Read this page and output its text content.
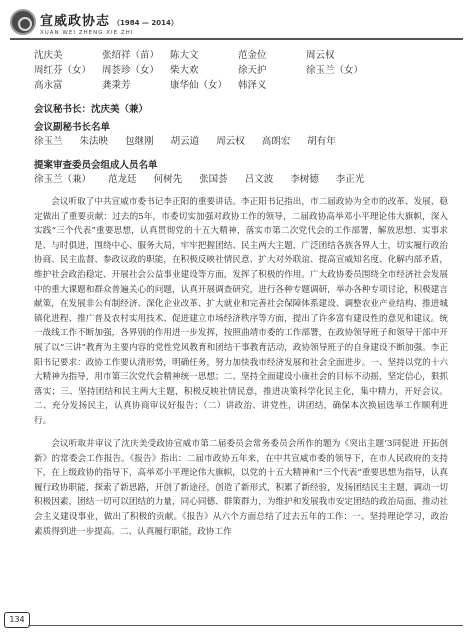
宣威政协志 （1984 — 2014）
XUAN WEI ZHENG XIE ZHI
沈庆美	张绍祥（苗）	陈大文	范金位	周云权
周红芬（女）	周荟珍（女）	柴大欢	徐天护	徐玉兰（女）
高永富	龚秉芳	康华仙（女）	韩泽义
会议秘书长：沈庆美（兼）
会议副秘书长名单
徐玉兰 朱法映 包继刚 胡云道 周云权 高朗宏 胡有年
提案审查委员会组成人员名单
徐玉兰（兼） 范龙廷 何树先 张国荟 吕文波 李树德 李正光

会议听取了中共宣威市委书记李正阳的重要讲话。李正阳书记指出，市二届政协为全市的改革、发展、稳定做出了重要贡献：过去的5年，市委切实加强对政协工作的领导，二届政协高举邓小平理论伟大旗帜，深入实践“三个代表”重要思想，认真贯彻党的十五大精神，落实市第二次党代会的工作部署，解放思想、实事求是、与时俱进，围绕中心、服务大局，牢牢把握团结、民主两大主题，广泛团结各族各界人士，切实履行政治协商、民主监督、参政议政的职能，在积极反映社情民意、扩大对外联谊、提高宣威知名度、化解内部矛盾，维护社会政治稳定、开展社会公益事业建设等方面，发挥了积极的作用。广大政协委员围绕全市经济社会发展中的重大课题和群众普遍关心的问题，认真开展调查研究，进行各种专题调研，举办各种专项讨论，积极建言献策，在发展非公有制经济、深化企业改革、扩大就业和完善社会保障体系建设、调整农业产业结构、推进城镇化进程、推广普及农村实用技术、促进建立市场经济秩序等方面，提出了许多富有建设性的意见和建议。统一战线工作不断加强，各界别的作用进一步发挥，按照曲靖市委的工作部署，在政协领导班子和领导干部中开展了以“三讲”教育为主要内容的党性党风教育和团结干事教育活动，政协领导班子的自身建设不断加强。李正阳书记要求：政协工作要认清形势，明确任务，努力加快我市经济发展和社会全面进步。一、坚持以党的十六大精神为指导，用市第三次党代会精神统一思想；二、坚持全面建设小康社会的目标不动摇，坚定信心，狠抓落实；三、坚持团结和民主两大主题，积极反映社情民意，推进决策科学化民主化，集中精力，开好会议。二、充分发扬民主，认真协商审议好报告；（二）讲政治、讲党性，讲团结，确保本次换届选举工作顺利进行。

会议听取并审议了沈庆美受政协宣威市第二届委员会常务委员会所作的题为《突出主题‘3同促进 开拓创新》的常委会工作报告。《报告》指出：二届市政协五年来，在中共宣威市委的领导下，在市人民政府的支持下，在上级政协的指导下，高举邓小平理论伟大旗帜，以党的十五大精神和“三个代表”重要思想为指导，认真履行政协职能，探索了新思路，开创了新途径，创造了新形式，积累了新经验，发扬团结民主主题，调动一切积极因素，团结一切可以团结的力量，同心同德、群策群力，为维护和发展我市安定团结的政治局面，推动社会主义建设事业，做出了积极的贡献。《报告》从六个方面总结了过去五年的工作：一、坚持理论学习，政治素质得到进一步提高。二、认真履行职能，政协工作

134
